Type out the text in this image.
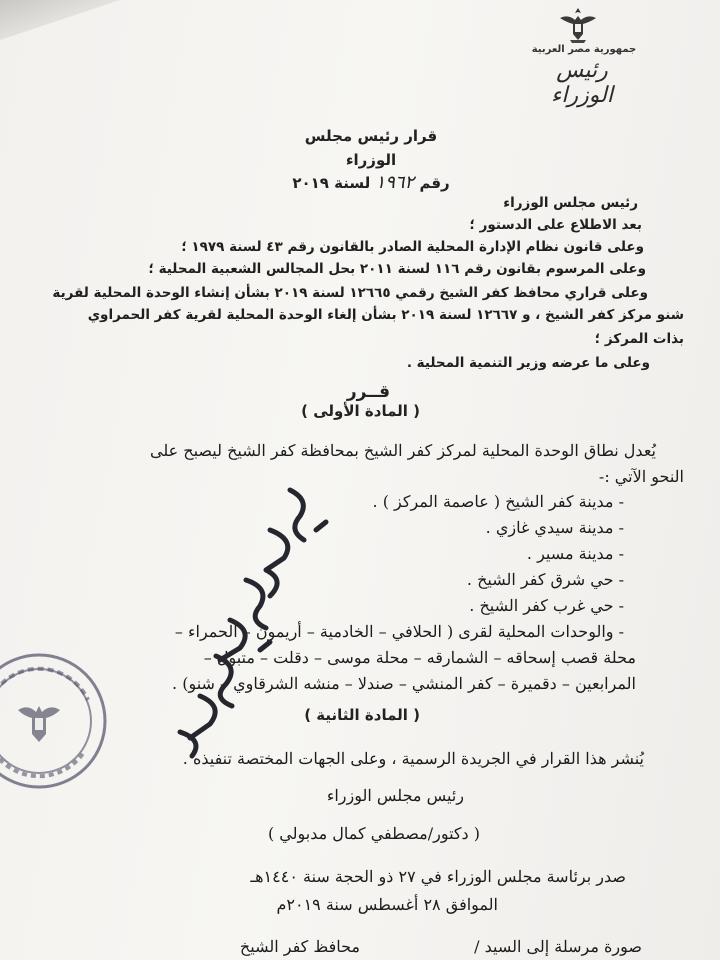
جمهورية مصر العربية
رئيس الوزراء
قرار رئيس مجلس الوزراء
رقم ١٩٦٢ لسنة ٢٠١٩
رئيس مجلس الوزراء
بعد الاطلاع على الدستور ؛
وعلى قانون نظام الإدارة المحلية الصادر بالقانون رقم ٤٣ لسنة ١٩٧٩ ؛
وعلى المرسوم بقانون رقم ١١٦ لسنة ٢٠١١ بحل المجالس الشعبية المحلية ؛
وعلى قراري محافظ كفر الشيخ رقمي ١٢٦٦٥ لسنة ٢٠١٩ بشأن إنشاء الوحدة المحلية لقرية
شنو مركز كفر الشيخ ، و ١٢٦٦٧ لسنة ٢٠١٩ بشأن إلغاء الوحدة المحلية لقرية كفر الحمراوي
بذات المركز ؛
وعلى ما عرضه وزير التنمية المحلية .
قــرر
( المادة الأولى )
يُعدل نطاق الوحدة المحلية لمركز كفر الشيخ بمحافظة كفر الشيخ ليصبح على
النحو الآتي :-
- مدينة كفر الشيخ ( عاصمة المركز ) .
- مدينة سيدي غازي .
- مدينة مسير .
- حي شرق كفر الشيخ .
- حي غرب كفر الشيخ .
- والوحدات المحلية لقرى ( الحلافي – الخادمية – أريمون – الحمراء –
محلة قصب إسحاقه – الشمارقه – محلة موسى – دقلت – متبول –
المرابعين – دقميرة – كفر المنشي – صندلا – منشه الشرقاوي – شنو) .
( المادة الثانية )
يُنشر هذا القرار في الجريدة الرسمية ، وعلى الجهات المختصة تنفيذه .
رئيس مجلس الوزراء
( دكتور/مصطفي كمال مدبولي )
صدر برئاسة مجلس الوزراء في ٢٧ ذو الحجة سنة ١٤٤٠هـ
الموافق ٢٨ أغسطس سنة ٢٠١٩م
صورة مرسلة إلى السيد /
محافظ كفر الشيخ
